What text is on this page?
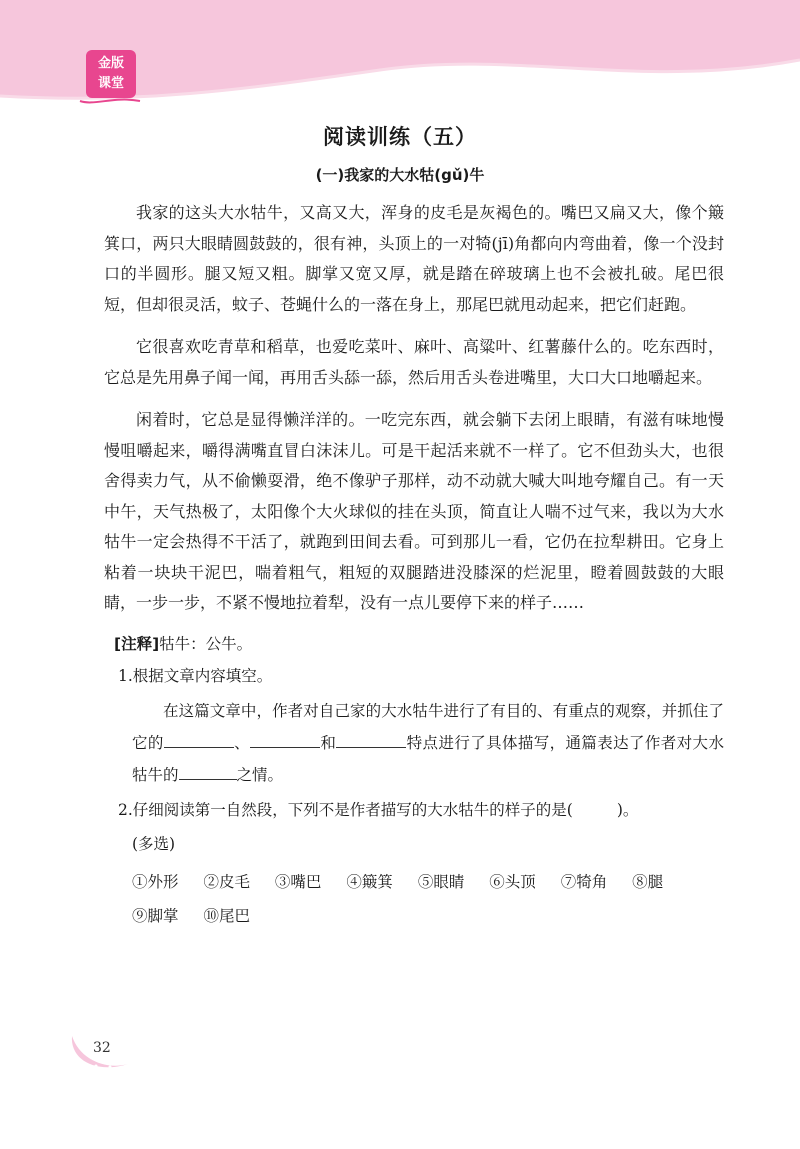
金版
课堂
阅读训练（五）
(一)我家的大水牯(gǔ)牛

我家的这头大水牯牛，又高又大，浑身的皮毛是灰褐色的。嘴巴又扁又大，像个簸箕口，两只大眼睛圆鼓鼓的，很有神，头顶上的一对犄(jī)角都向内弯曲着，像一个没封口的半圆形。腿又短又粗。脚掌又宽又厚，就是踏在碎玻璃上也不会被扎破。尾巴很短，但却很灵活，蚊子、苍蝇什么的一落在身上，那尾巴就甩动起来，把它们赶跑。

它很喜欢吃青草和稻草，也爱吃菜叶、麻叶、高粱叶、红薯藤什么的。吃东西时，它总是先用鼻子闻一闻，再用舌头舔一舔，然后用舌头卷进嘴里，大口大口地嚼起来。

闲着时，它总是显得懒洋洋的。一吃完东西，就会躺下去闭上眼睛，有滋有味地慢慢咀嚼起来，嚼得满嘴直冒白沫沫儿。可是干起活来就不一样了。它不但劲头大，也很舍得卖力气，从不偷懒耍滑，绝不像驴子那样，动不动就大喊大叫地夸耀自己。有一天中午，天气热极了，太阳像个大火球似的挂在头顶，简直让人喘不过气来，我以为大水牯牛一定会热得不干活了，就跑到田间去看。可到那儿一看，它仍在拉犁耕田。它身上粘着一块块干泥巴，喘着粗气，粗短的双腿踏进没膝深的烂泥里，瞪着圆鼓鼓的大眼睛，一步一步，不紧不慢地拉着犁，没有一点儿要停下来的样子……

[注释]牯牛：公牛。
1.根据文章内容填空。
在这篇文章中，作者对自己家的大水牯牛进行了有目的、有重点的观察，并抓住了它的	、	和	特点进行了具体描写，通篇表达了作者对大水牯牛的	之情。
2.仔细阅读第一自然段，下列不是作者描写的大水牯牛的样子的是(	)。
(多选)
①外形 ②皮毛 ③嘴巴 ④簸箕 ⑤眼睛 ⑥头顶 ⑦犄角 ⑧腿
⑨脚掌 ⑩尾巴
32
